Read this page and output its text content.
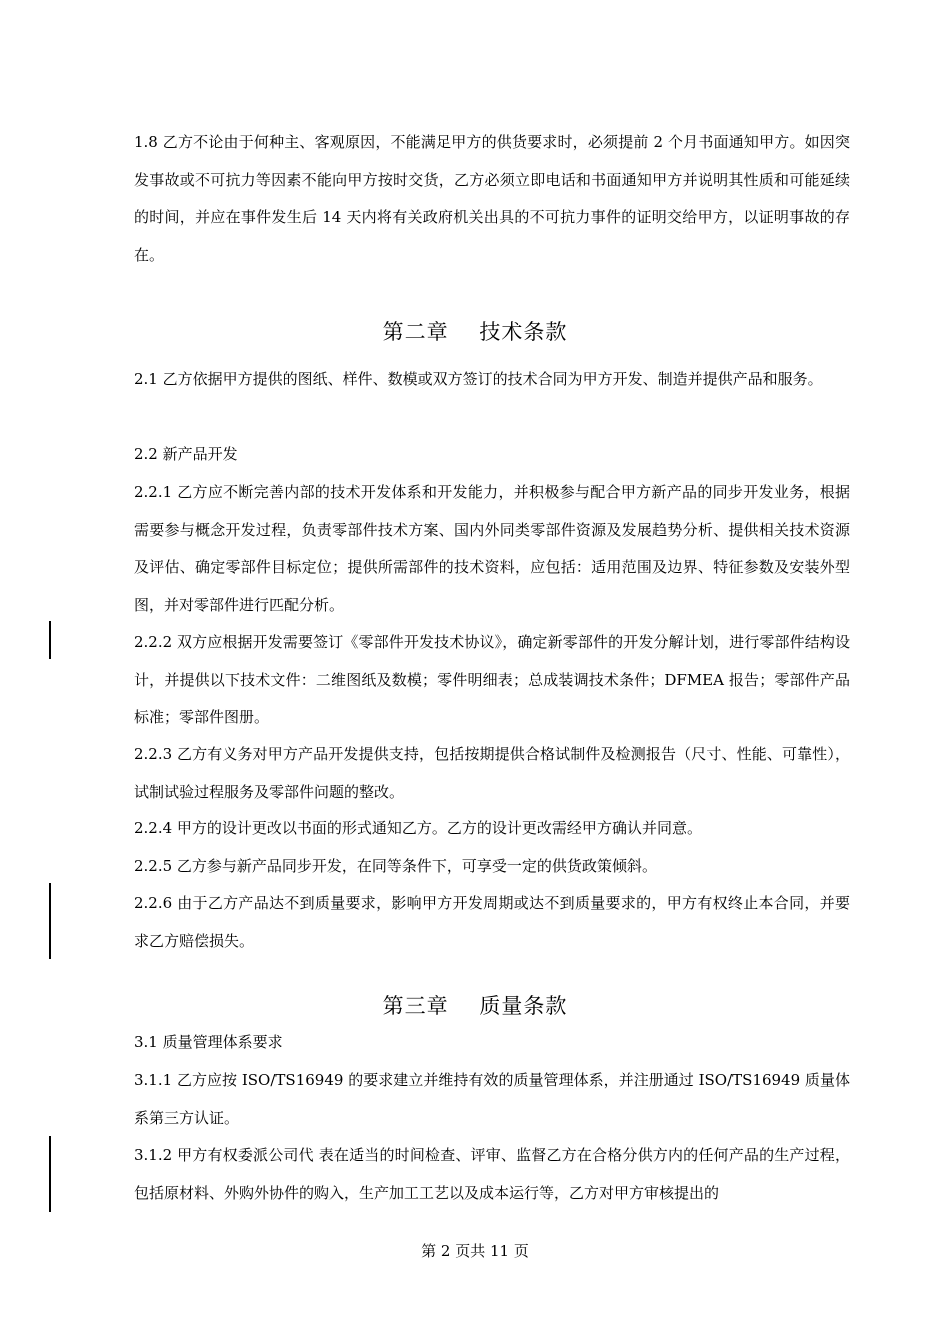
1.8 乙方不论由于何种主、客观原因，不能满足甲方的供货要求时，必须提前 2 个月书面通知甲方。如因突发事故或不可抗力等因素不能向甲方按时交货，乙方必须立即电话和书面通知甲方并说明其性质和可能延续的时间，并应在事件发生后 14 天内将有关政府机关出具的不可抗力事件的证明交给甲方，以证明事故的存在。

第二章    技术条款

2.1 乙方依据甲方提供的图纸、样件、数模或双方签订的技术合同为甲方开发、制造并提供产品和服务。

2.2 新产品开发

2.2.1 乙方应不断完善内部的技术开发体系和开发能力，并积极参与配合甲方新产品的同步开发业务，根据需要参与概念开发过程，负责零部件技术方案、国内外同类零部件资源及发展趋势分析、提供相关技术资源及评估、确定零部件目标定位；提供所需部件的技术资料，应包括：适用范围及边界、特征参数及安装外型图，并对零部件进行匹配分析。

2.2.2 双方应根据开发需要签订《零部件开发技术协议》，确定新零部件的开发分解计划，进行零部件结构设计，并提供以下技术文件：二维图纸及数模；零件明细表；总成装调技术条件；DFMEA 报告；零部件产品标准；零部件图册。

2.2.3 乙方有义务对甲方产品开发提供支持，包括按期提供合格试制件及检测报告（尺寸、性能、可靠性），试制试验过程服务及零部件问题的整改。

2.2.4 甲方的设计更改以书面的形式通知乙方。乙方的设计更改需经甲方确认并同意。

2.2.5 乙方参与新产品同步开发，在同等条件下，可享受一定的供货政策倾斜。

2.2.6 由于乙方产品达不到质量要求，影响甲方开发周期或达不到质量要求的，甲方有权终止本合同，并要求乙方赔偿损失。

第三章    质量条款

3.1 质量管理体系要求

3.1.1 乙方应按 ISO/TS16949 的要求建立并维持有效的质量管理体系，并注册通过 ISO/TS16949 质量体系第三方认证。

3.1.2 甲方有权委派公司代 表在适当的时间检查、评审、监督乙方在合格分供方内的任何产品的生产过程，包括原材料、外购外协件的购入，生产加工工艺以及成本运行等，乙方对甲方审核提出的

第 2 页共 11 页
